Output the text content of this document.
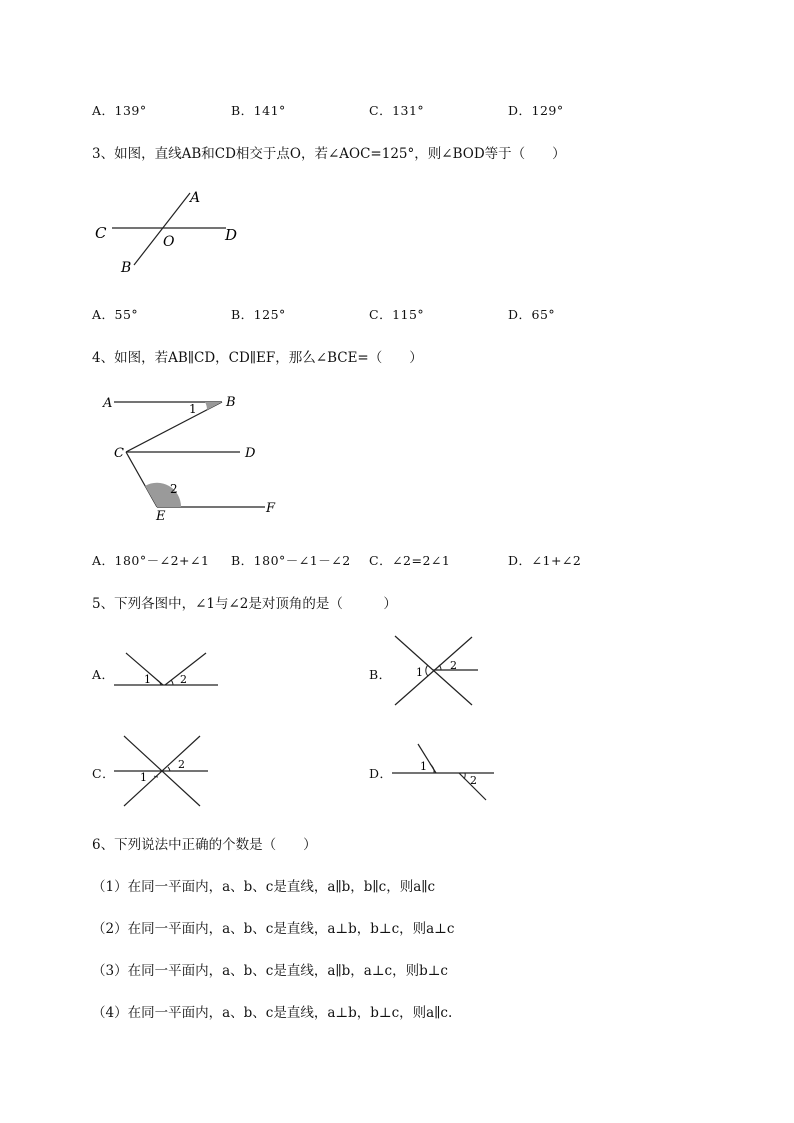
A．139°	B．141°	C．131°	D．129°
3、如图，直线AB和CD相交于点O，若∠AOC=125°，则∠BOD等于（　　）
A
C	O	D
B
A．55°	B．125°	C．115°	D．65°
4、如图，若AB∥CD，CD∥EF，那么∠BCE=（　　）
A	1 B
C	D
2
E
F
A．180°－∠2+∠1 B．180°－∠1－∠2 C．∠2=2∠1	D．∠1+∠2
5、下列各图中，∠1与∠2是对顶角的是（　　　）
A．	1	2	B． 1
2
C． 1
2
D． 1
2
6、下列说法中正确的个数是（　　）
（1）在同一平面内，a、b、c是直线，a∥b，b∥c，则a∥c
（2）在同一平面内，a、b、c是直线，a⊥b，b⊥c，则a⊥c
（3）在同一平面内，a、b、c是直线，a∥b，a⊥c，则b⊥c
（4）在同一平面内，a、b、c是直线，a⊥b，b⊥c，则a∥c.
